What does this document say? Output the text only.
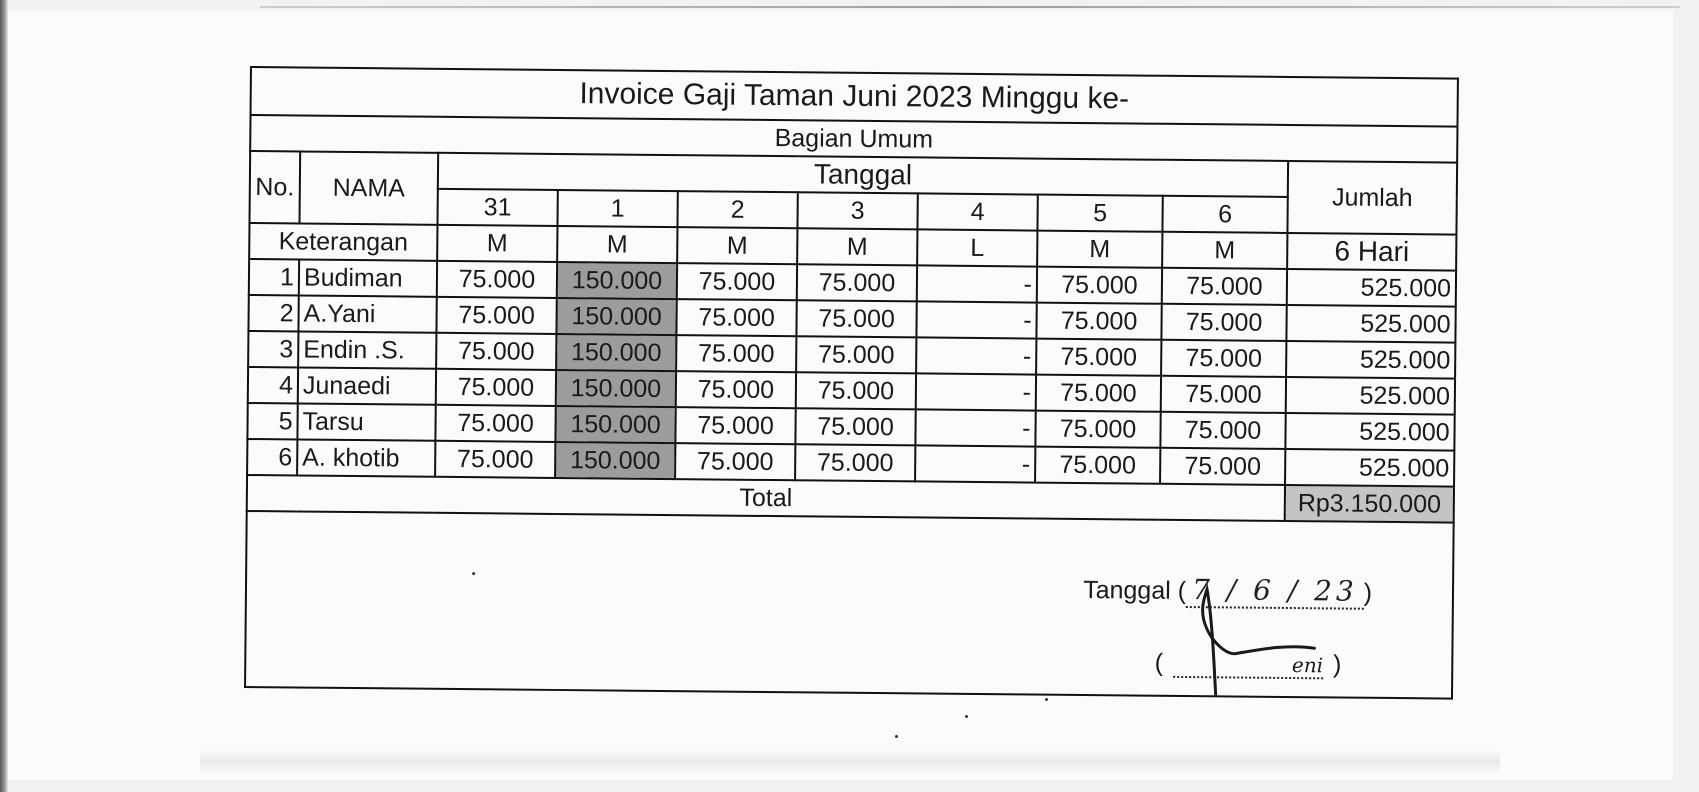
Invoice Gaji Taman Juni 2023 Minggu ke-									
Bagian Umum									
No.	NAMA	Tanggal							Jumlah
		31	1	2	3	4	5	6	
Keterangan		M	M	M	M	L	M	M	6 Hari
1	Budiman	75.000	150.000	75.000	75.000	-	75.000	75.000	525.000
2	A.Yani	75.000	150.000	75.000	75.000	-	75.000	75.000	525.000
3	Endin .S.	75.000	150.000	75.000	75.000	-	75.000	75.000	525.000
4	Junaedi	75.000	150.000	75.000	75.000	-	75.000	75.000	525.000
5	Tarsu	75.000	150.000	75.000	75.000	-	75.000	75.000	525.000
6	A. khotib	75.000	150.000	75.000	75.000	-	75.000	75.000	525.000
Total									Rp3.150.000

Tanggal ( 7 / 6 / 23 )
( eni )									
